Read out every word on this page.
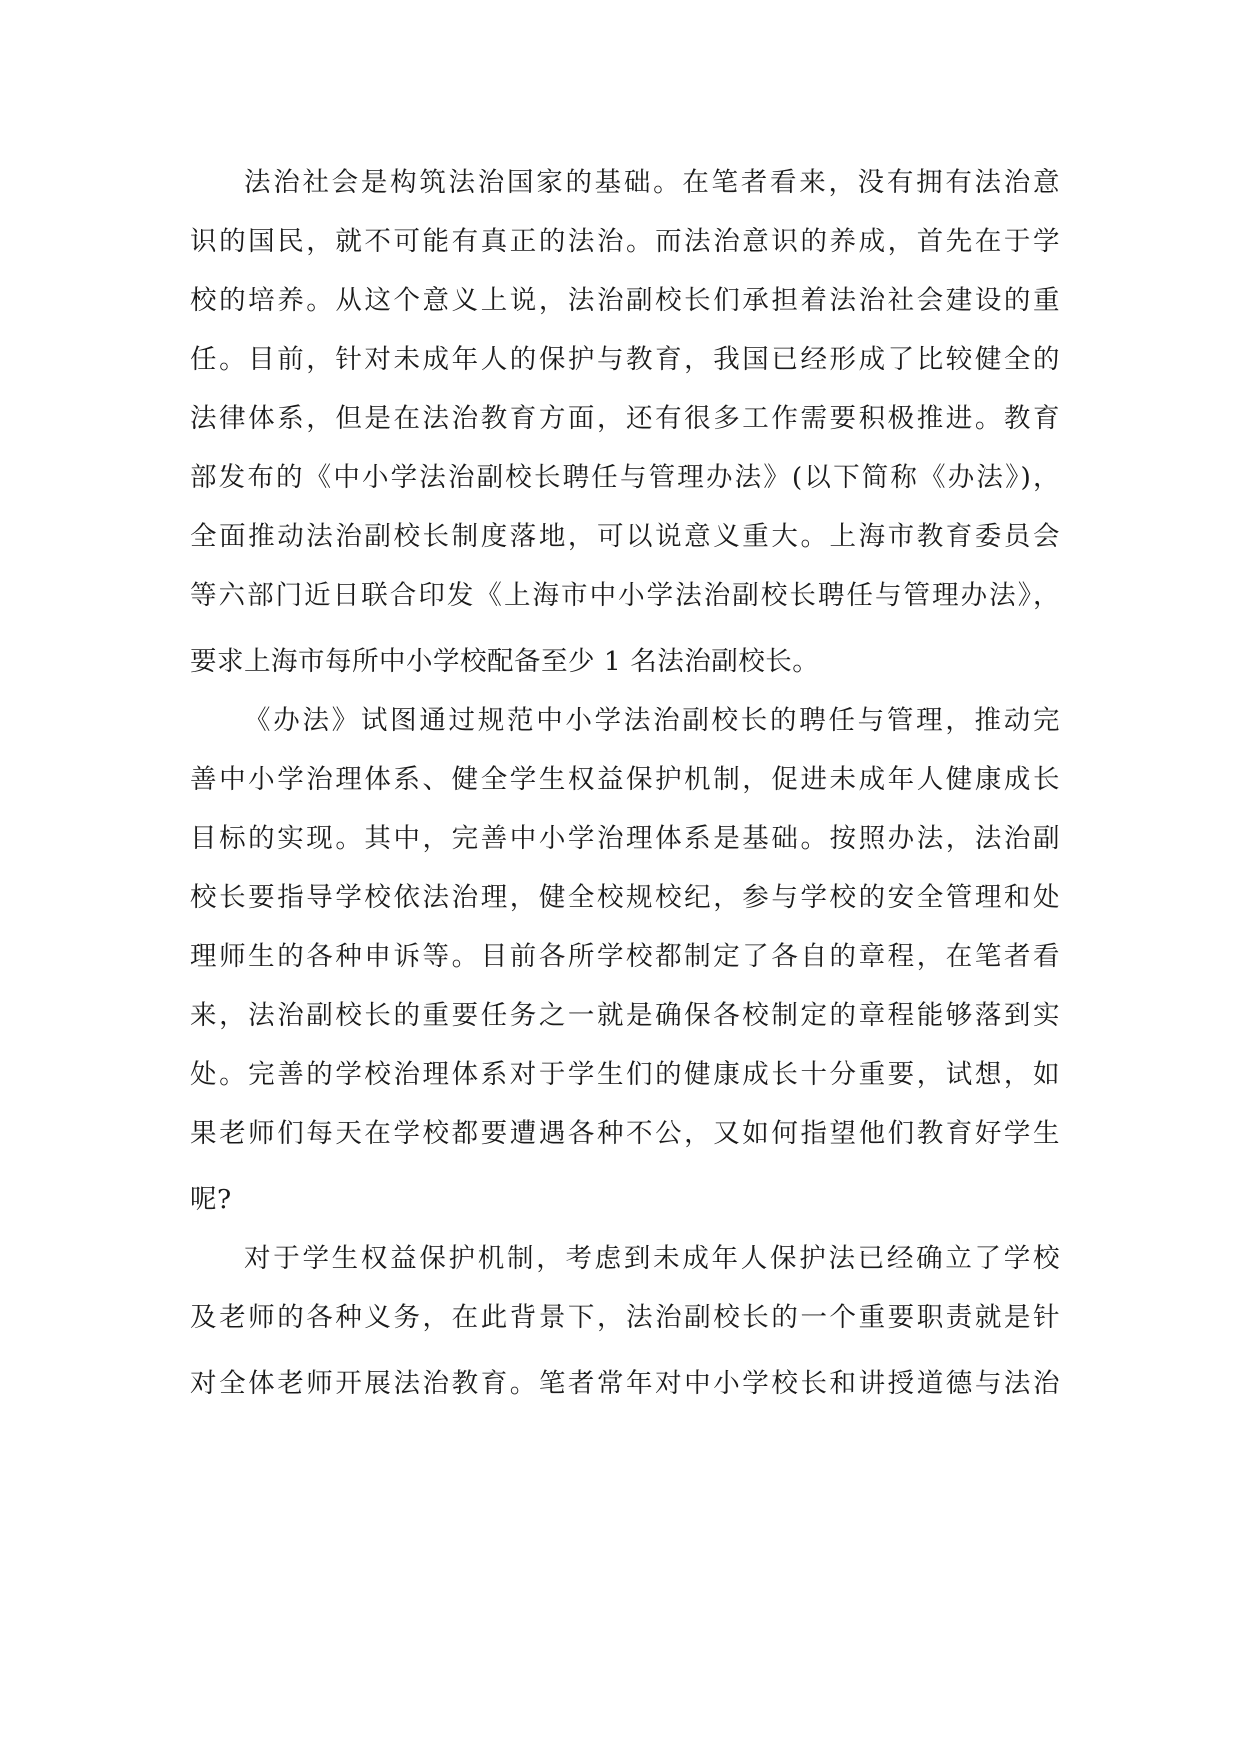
法治社会是构筑法治国家的基础。在笔者看来，没有拥有法治意

识的国民，就不可能有真正的法治。而法治意识的养成，首先在于学

校的培养。从这个意义上说，法治副校长们承担着法治社会建设的重

任。目前，针对未成年人的保护与教育，我国已经形成了比较健全的

法律体系，但是在法治教育方面，还有很多工作需要积极推进。教育

部发布的《中小学法治副校长聘任与管理办法》(以下简称《办法》)，

全面推动法治副校长制度落地，可以说意义重大。上海市教育委员会

等六部门近日联合印发《上海市中小学法治副校长聘任与管理办法》，

要求上海市每所中小学校配备至少 1 名法治副校长。

《办法》试图通过规范中小学法治副校长的聘任与管理，推动完

善中小学治理体系、健全学生权益保护机制，促进未成年人健康成长

目标的实现。其中，完善中小学治理体系是基础。按照办法，法治副

校长要指导学校依法治理，健全校规校纪，参与学校的安全管理和处

理师生的各种申诉等。目前各所学校都制定了各自的章程，在笔者看

来，法治副校长的重要任务之一就是确保各校制定的章程能够落到实

处。完善的学校治理体系对于学生们的健康成长十分重要，试想，如

果老师们每天在学校都要遭遇各种不公，又如何指望他们教育好学生

呢?

对于学生权益保护机制，考虑到未成年人保护法已经确立了学校

及老师的各种义务，在此背景下，法治副校长的一个重要职责就是针

对全体老师开展法治教育。笔者常年对中小学校长和讲授道德与法治
